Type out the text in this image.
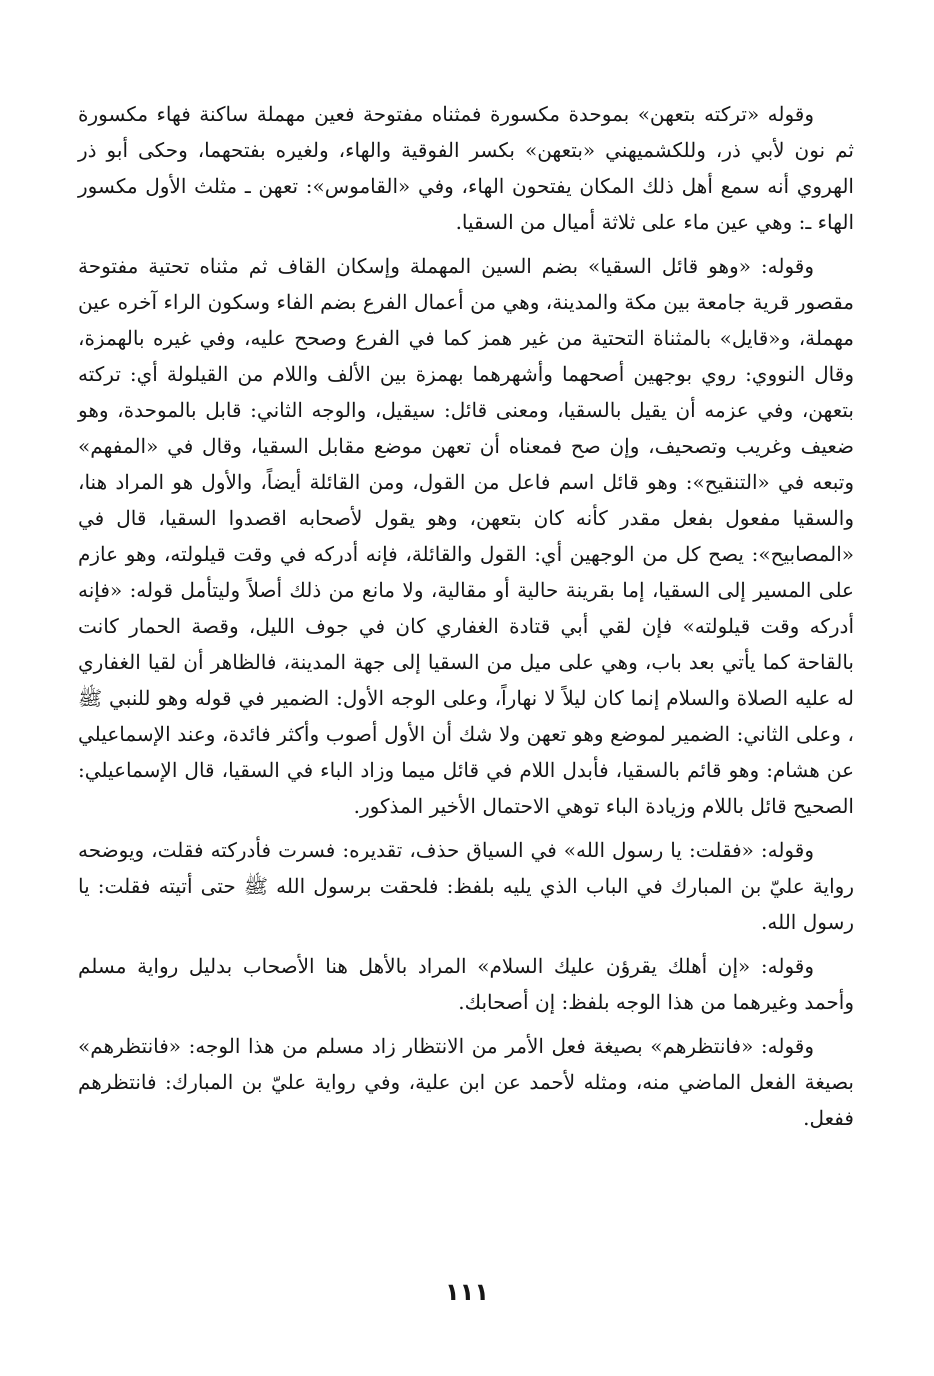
وقوله «تركته بتعهن» بموحدة مكسورة فمثناه مفتوحة فعين مهملة ساكنة فهاء مكسورة ثم نون لأبي ذر، وللكشميهني «بتعهن» بكسر الفوقية والهاء، ولغيره بفتحهما، وحكى أبو ذر الهروي أنه سمع أهل ذلك المكان يفتحون الهاء، وفي «القاموس»: تعهن ـ مثلث الأول مكسور الهاء ـ: وهي عين ماء على ثلاثة أميال من السقيا.

وقوله: «وهو قائل السقيا» بضم السين المهملة وإسكان القاف ثم مثناه تحتية مفتوحة مقصور قرية جامعة بين مكة والمدينة، وهي من أعمال الفرع بضم الفاء وسكون الراء آخره عين مهملة، و«قايل» بالمثناة التحتية من غير همز كما في الفرع وصحح عليه، وفي غيره بالهمزة، وقال النووي: روي بوجهين أصحهما وأشهرهما بهمزة بين الألف واللام من القيلولة أي: تركته بتعهن، وفي عزمه أن يقيل بالسقيا، ومعنى قائل: سيقيل، والوجه الثاني: قابل بالموحدة، وهو ضعيف وغريب وتصحيف، وإن صح فمعناه أن تعهن موضع مقابل السقيا، وقال في «المفهم» وتبعه في «التنقيح»: وهو قائل اسم فاعل من القول، ومن القائلة أيضاً، والأول هو المراد هنا، والسقيا مفعول بفعل مقدر كأنه كان بتعهن، وهو يقول لأصحابه اقصدوا السقيا، قال في «المصابيح»: يصح كل من الوجهين أي: القول والقائلة، فإنه أدركه في وقت قيلولته، وهو عازم على المسير إلى السقيا، إما بقرينة حالية أو مقالية، ولا مانع من ذلك أصلاً وليتأمل قوله: «فإنه أدركه وقت قيلولته» فإن لقي أبي قتادة الغفاري كان في جوف الليل، وقصة الحمار كانت بالقاحة كما يأتي بعد باب، وهي على ميل من السقيا إلى جهة المدينة، فالظاهر أن لقيا الغفاري له عليه الصلاة والسلام إنما كان ليلاً لا نهاراً، وعلى الوجه الأول: الضمير في قوله وهو للنبي ﷺ ، وعلى الثاني: الضمير لموضع وهو تعهن ولا شك أن الأول أصوب وأكثر فائدة، وعند الإسماعيلي عن هشام: وهو قائم بالسقيا، فأبدل اللام في قائل ميما وزاد الباء في السقيا، قال الإسماعيلي: الصحيح قائل باللام وزيادة الباء توهي الاحتمال الأخير المذكور.

وقوله: «فقلت: يا رسول الله» في السياق حذف، تقديره: فسرت فأدركته فقلت، ويوضحه رواية عليّ بن المبارك في الباب الذي يليه بلفظ: فلحقت برسول الله ﷺ حتى أتيته فقلت: يا رسول الله.

وقوله: «إن أهلك يقرؤن عليك السلام» المراد بالأهل هنا الأصحاب بدليل رواية مسلم وأحمد وغيرهما من هذا الوجه بلفظ: إن أصحابك.

وقوله: «فانتظرهم» بصيغة فعل الأمر من الانتظار زاد مسلم من هذا الوجه: «فانتظرهم» بصيغة الفعل الماضي منه، ومثله لأحمد عن ابن علية، وفي رواية عليّ بن المبارك: فانتظرهم ففعل.

١١١
